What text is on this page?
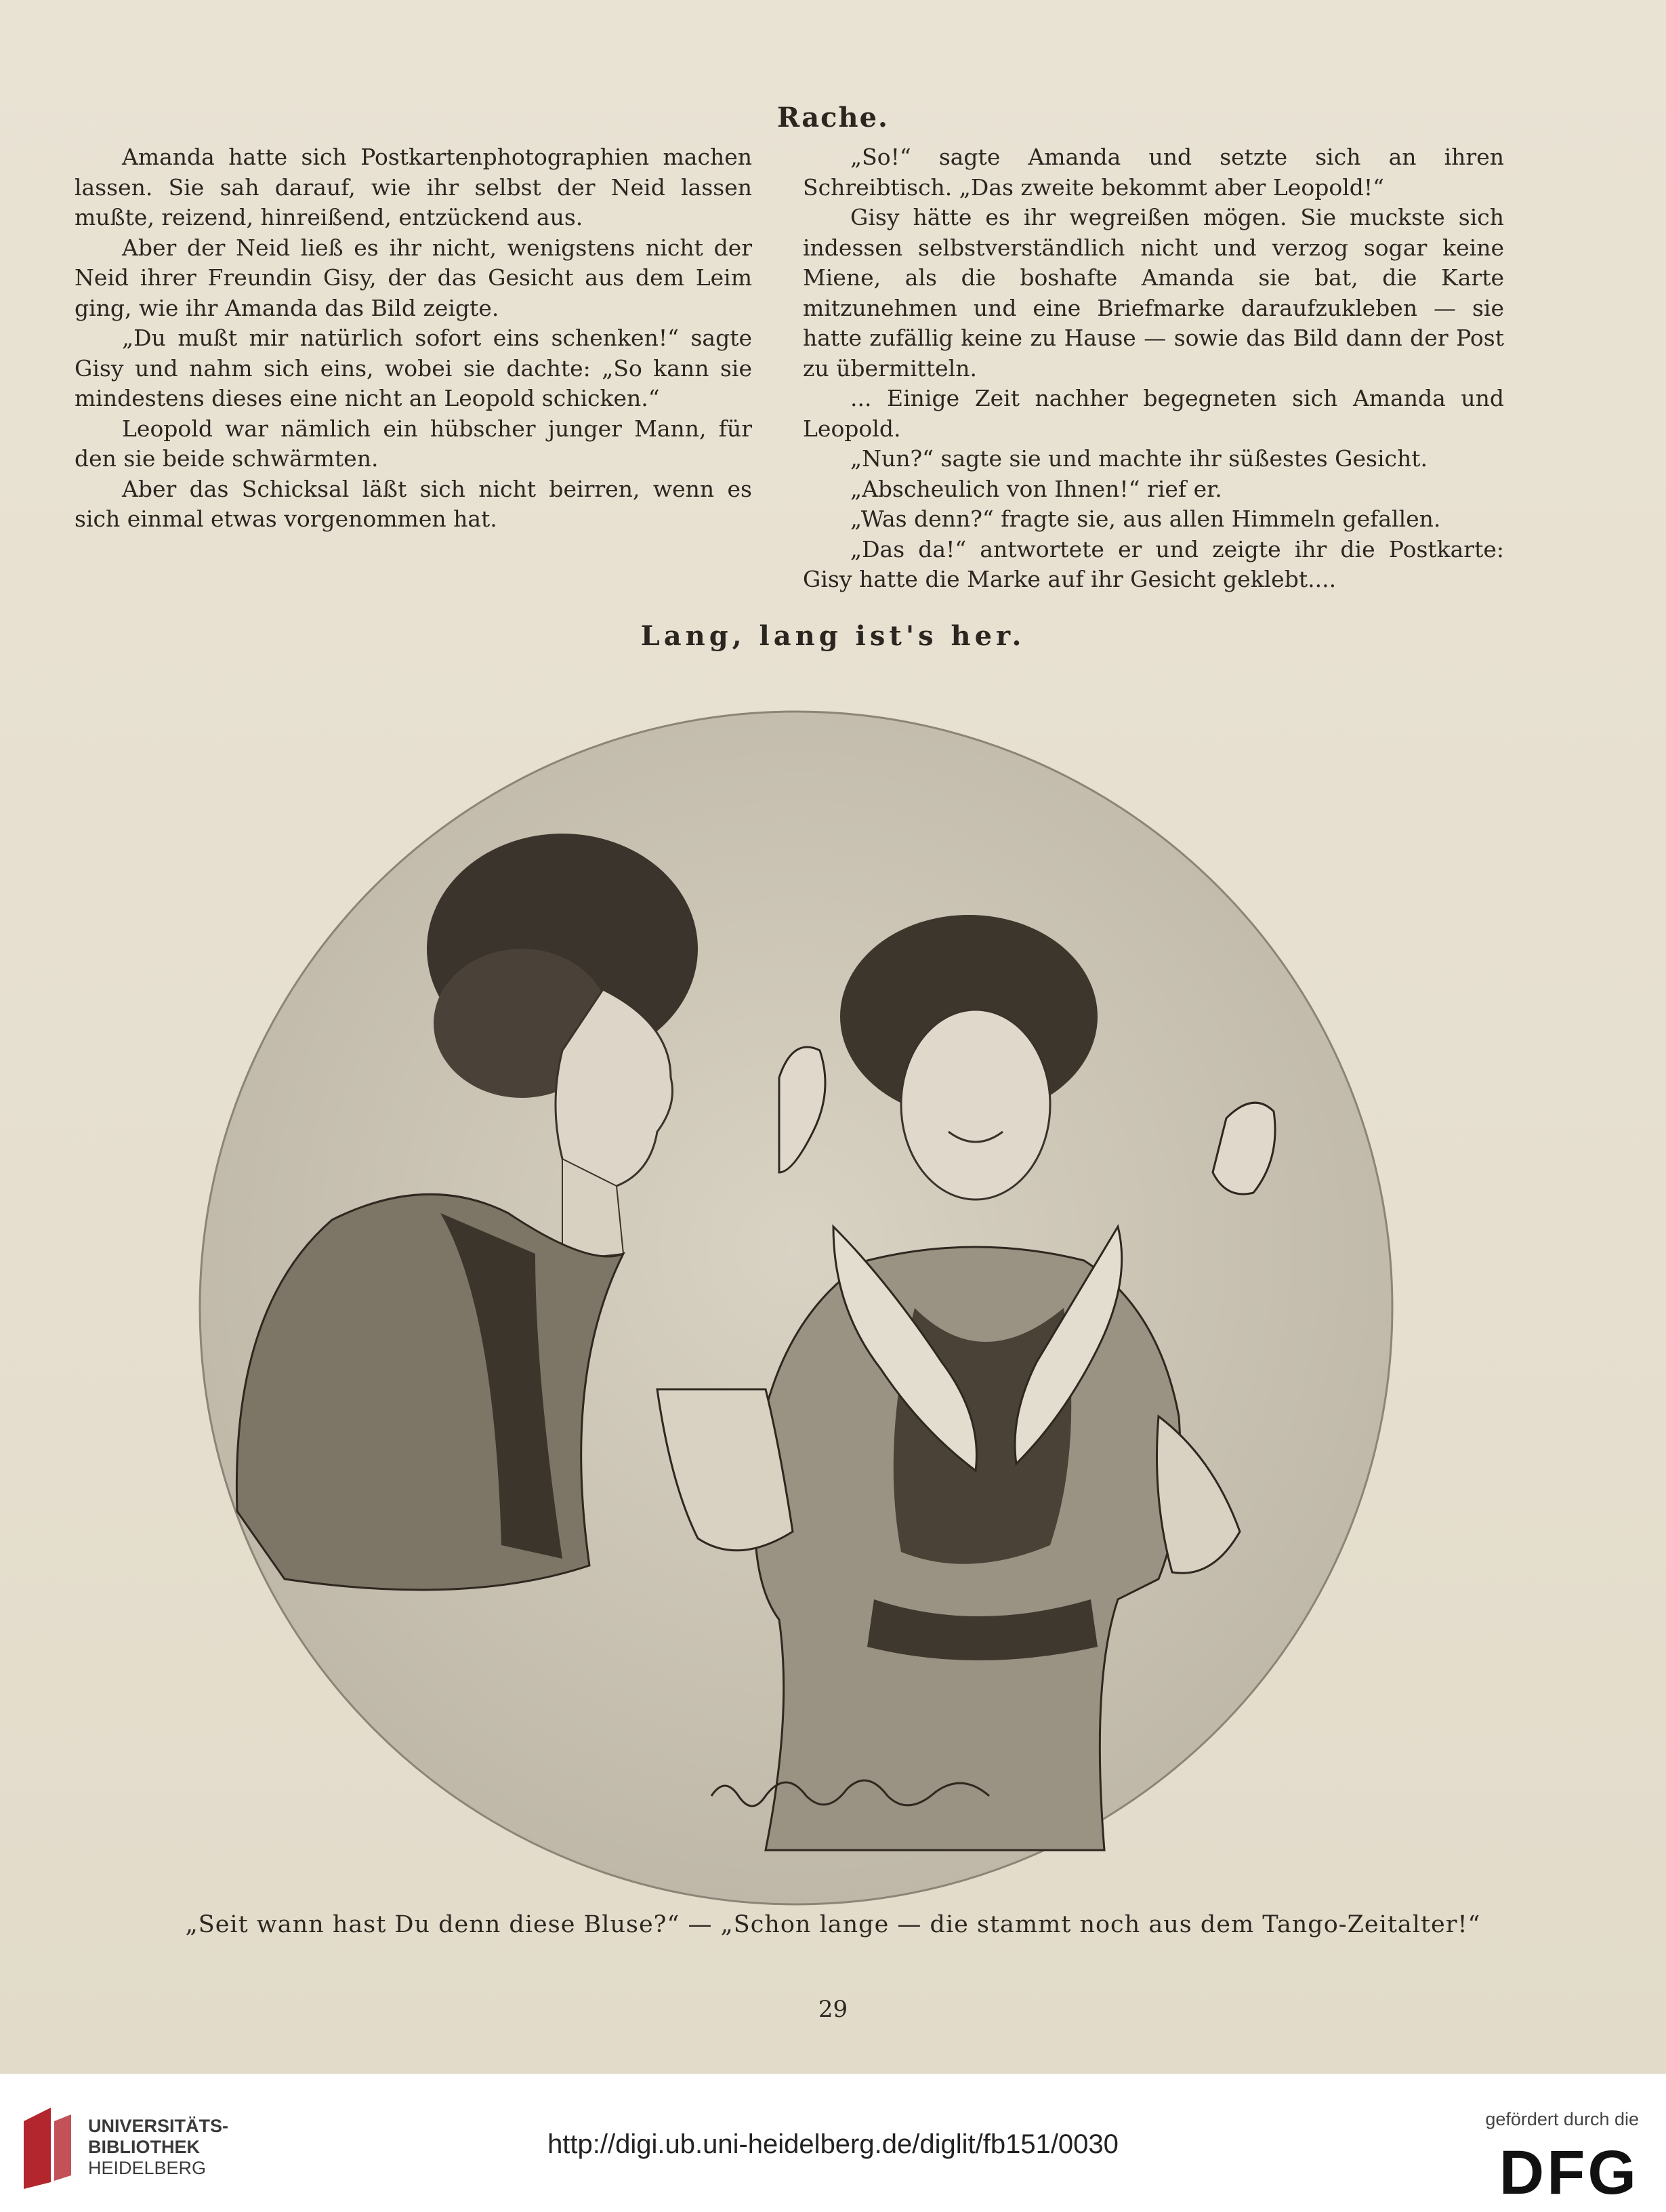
Rache.

Amanda hatte sich Postkartenphotographien machen lassen. Sie sah darauf, wie ihr selbst der Neid lassen mußte, reizend, hinreißend, entzückend aus.

Aber der Neid ließ es ihr nicht, wenigstens nicht der Neid ihrer Freundin Gisy, der das Gesicht aus dem Leim ging, wie ihr Amanda das Bild zeigte.

„Du mußt mir natürlich sofort eins schenken!“ sagte Gisy und nahm sich eins, wobei sie dachte: „So kann sie mindestens dieses eine nicht an Leopold schicken.“

Leopold war nämlich ein hübscher junger Mann, für den sie beide schwärmten.

Aber das Schicksal läßt sich nicht beirren, wenn es sich einmal etwas vorgenommen hat.

„So!“ sagte Amanda und setzte sich an ihren Schreibtisch. „Das zweite bekommt aber Leopold!“

Gisy hätte es ihr wegreißen mögen. Sie muckste sich indessen selbstverständlich nicht und verzog sogar keine Miene, als die boshafte Amanda sie bat, die Karte mitzunehmen und eine Briefmarke daraufzukleben — sie hatte zufällig keine zu Hause — sowie das Bild dann der Post zu übermitteln.

... Einige Zeit nachher begegneten sich Amanda und Leopold.

„Nun?“ sagte sie und machte ihr süßestes Gesicht.

„Abscheulich von Ihnen!“ rief er.

„Was denn?“ fragte sie, aus allen Himmeln gefallen.

„Das da!“ antwortete er und zeigte ihr die Postkarte: Gisy hatte die Marke auf ihr Gesicht geklebt....

Lang, lang ist's her.
„Seit wann hast Du denn diese Bluse?“ — „Schon lange — die stammt noch aus dem Tango-Zeitalter!“
29
UNIVERSITÄTS-
BIBLIOTHEK
HEIDELBERG
http://digi.ub.uni-heidelberg.de/diglit/fb151/0030
gefördert durch die
DFG
